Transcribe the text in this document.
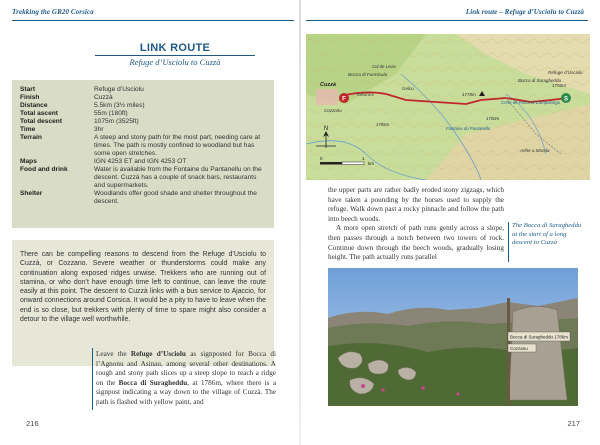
Trekking the GR20 Corsica
LINK ROUTE
Refuge d’Usciolu to Cuzzà
Start	Refuge d’Usciolu
Finish	Cuzzà
Distance	5.5km (3½ miles)
Total ascent	55m (180ft)
Total descent	1075m (3525ft)
Time	3hr
Terrain	A steep and stony path for the most part, needing care at times. The path is mostly confined to woodland but has some open stretches.
Maps	IGN 4253 ET and IGN 4253 OT
Food and drink	Water is available from the Fontaine du Pantanellu on the descent. Cuzzà has a couple of snack bars, restaurants and supermarkets.
Shelter	Woodlands offer good shade and shelter throughout the descent.
There can be compelling reasons to descend from the Refuge d’Usciolu to Cuzzà, or Cozzano. Severe weather or thunderstorms could make any continuation along exposed ridges unwise. Trekkers who are running out of stamina, or who don’t have enough time left to continue, can leave the route easily at this point. The descent to Cuzzà links with a bus service to Ajaccio, for onward connections around Corsica. It would be a pity to have to leave when the end is so close, but trekkers with plenty of time to spare might also consider a detour to the village well worthwhile.
Leave the Refuge d’Usciolu as signposted for Bocca di l’Agnonu and Asinau, among several other destinations. A rough and stony path slices up a steep slope to reach a ridge on the Bocca di Suragheddu, at 1786m, where there is a signpost indicating a way down to the village of Cuzzà. The path is flashed with yellow paint, and
216
Link route – Refuge d’Usciolu to Cuzzà
F	S
Bocca di Furmicula
Cuzzà
Tassinca
Gelcu
Cozzanu
Bocca di Suragheddu
1778m
Crête de Punta di Campolongo
Refuge d’Usciolu
1750m
Fontaine du Pantanellu
Arête a Monda
Col de Levie
1785m
1700m
N
0	1
km

the upper parts are rather badly eroded stony zigzags, which have taken a pounding by the horses used to supply the refuge. Walk down past a rocky pinnacle and follow the path into beech woods.

A more open stretch of path runs gently across a slope, then passes through a notch between two towers of rock. Continue down through the beech woods, gradually losing height. The path actually runs parallel

The Bocca di Suragheddu at the start of a long descent to Cuzzà
Bocca di Suragheddu 1786m
Cozzanu
217
